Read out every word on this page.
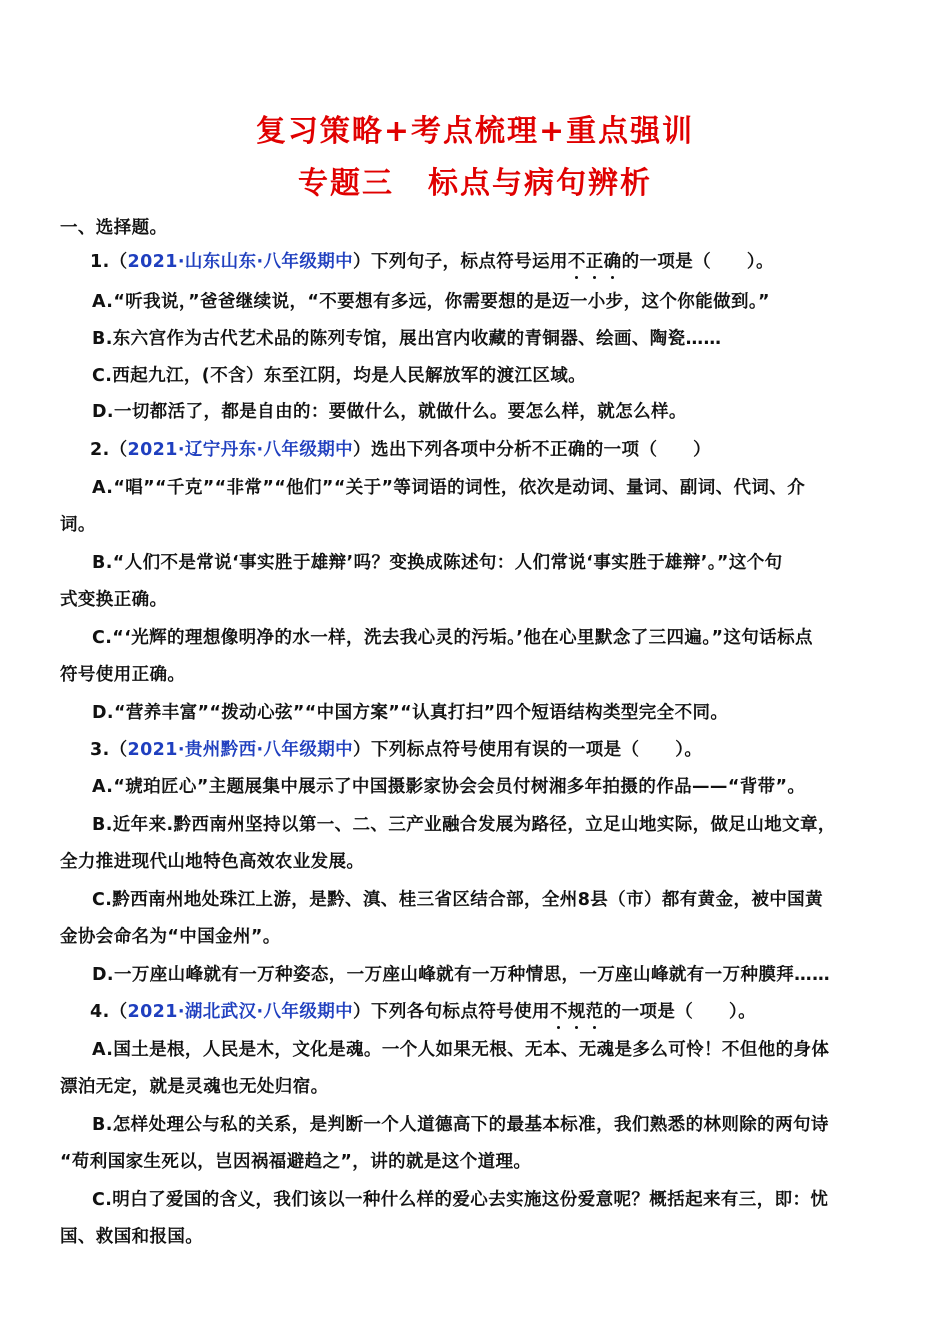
复习策略+考点梳理+重点强训
专题三 标点与病句辨析
一、选择题。
1.（2021·山东山东·八年级期中）下列句子，标点符号运用不正确的一项是（　　）。
A.“听我说，”爸爸继续说，“不要想有多远，你需要想的是迈一小步，这个你能做到。”
B.东六宫作为古代艺术品的陈列专馆，展出宫内收藏的青铜器、绘画、陶瓷……
C.西起九江，(不含）东至江阴，均是人民解放军的渡江区域。
D.一切都活了，都是自由的：要做什么，就做什么。要怎么样，就怎么样。
2.（2021·辽宁丹东·八年级期中）选出下列各项中分析不正确的一项（　　）
A.“唱”“千克”“非常”“他们”“关于”等词语的词性，依次是动词、量词、副词、代词、介
词。
B.“人们不是常说‘事实胜于雄辩’吗？变换成陈述句：人们常说‘事实胜于雄辩’。”这个句
式变换正确。
C.“‘光辉的理想像明净的水一样，洗去我心灵的污垢。’他在心里默念了三四遍。”这句话标点
符号使用正确。
D.“营养丰富”“拨动心弦”“中国方案”“认真打扫”四个短语结构类型完全不同。
3.（2021·贵州黔西·八年级期中）下列标点符号使用有误的一项是（　　）。
A.“琥珀匠心”主题展集中展示了中国摄影家协会会员付树湘多年拍摄的作品——“背带”。
B.近年来.黔西南州坚持以第一、二、三产业融合发展为路径，立足山地实际，做足山地文章，
全力推进现代山地特色高效农业发展。
C.黔西南州地处珠江上游，是黔、滇、桂三省区结合部，全州8县（市）都有黄金，被中国黄
金协会命名为“中国金州”。
D.一万座山峰就有一万种姿态，一万座山峰就有一万种情思，一万座山峰就有一万种膜拜……
4.（2021·湖北武汉·八年级期中）下列各句标点符号使用不规范的一项是（　　）。
A.国土是根，人民是木，文化是魂。一个人如果无根、无本、无魂是多么可怜！不但他的身体
漂泊无定，就是灵魂也无处归宿。
B.怎样处理公与私的关系，是判断一个人道德高下的最基本标准，我们熟悉的林则除的两句诗
“苟利国家生死以，岂因祸福避趋之”，讲的就是这个道理。
C.明白了爱国的含义，我们该以一种什么样的爱心去实施这份爱意呢？概括起来有三，即：忧
国、救国和报国。
